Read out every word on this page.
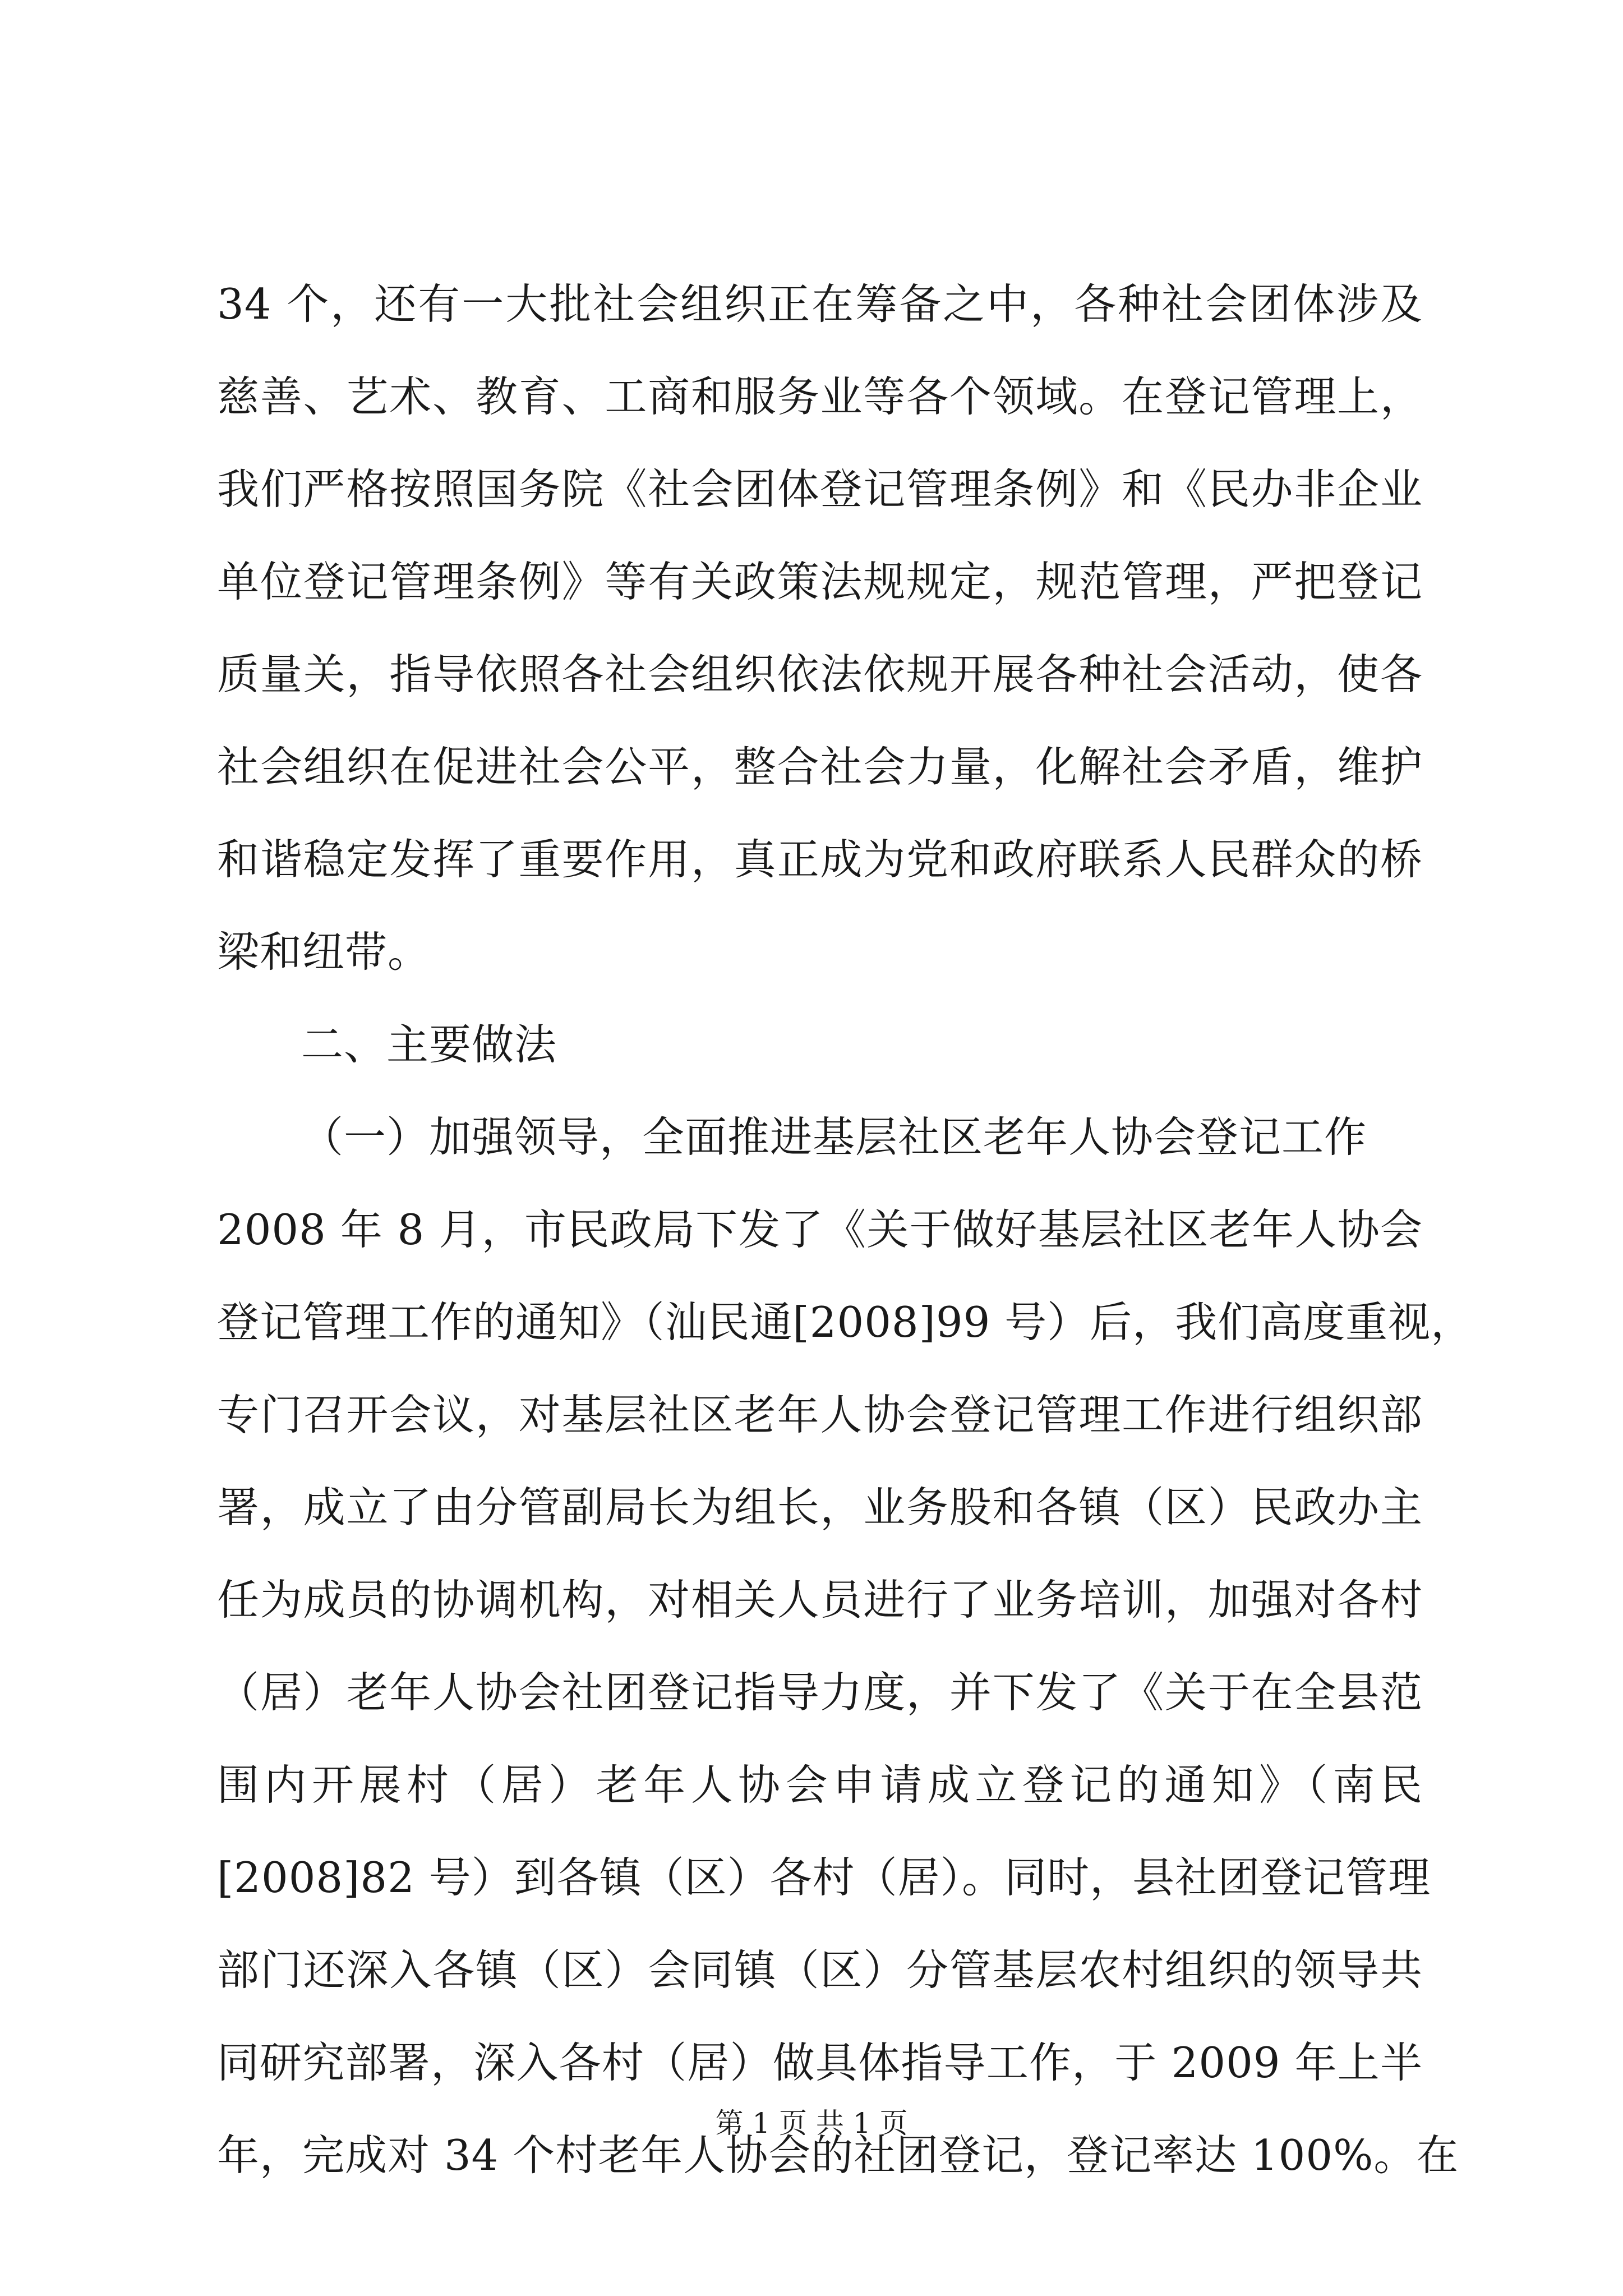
34 个，还有一大批社会组织正在筹备之中，各种社会团体涉及
慈善、艺术、教育、工商和服务业等各个领域。在登记管理上，
我们严格按照国务院《社会团体登记管理条例》和《民办非企业
单位登记管理条例》等有关政策法规规定，规范管理，严把登记
质量关，指导依照各社会组织依法依规开展各种社会活动，使各
社会组织在促进社会公平，整合社会力量，化解社会矛盾，维护
和谐稳定发挥了重要作用，真正成为党和政府联系人民群众的桥
梁和纽带。
二、主要做法
（一）加强领导，全面推进基层社区老年人协会登记工作
2008 年 8 月，市民政局下发了《关于做好基层社区老年人协会
登记管理工作的通知》（汕民通[2008]99 号）后，我们高度重视，
专门召开会议，对基层社区老年人协会登记管理工作进行组织部
署，成立了由分管副局长为组长，业务股和各镇（区）民政办主
任为成员的协调机构，对相关人员进行了业务培训，加强对各村
（居）老年人协会社团登记指导力度，并下发了《关于在全县范
围内开展村（居）老年人协会申请成立登记的通知》（南民
[2008]82 号）到各镇（区）各村（居）。同时，县社团登记管理
部门还深入各镇（区）会同镇（区）分管基层农村组织的领导共
同研究部署，深入各村（居）做具体指导工作，于 2009 年上半
年，完成对 34 个村老年人协会的社团登记，登记率达 100%。在
第 1 页 共 1 页
